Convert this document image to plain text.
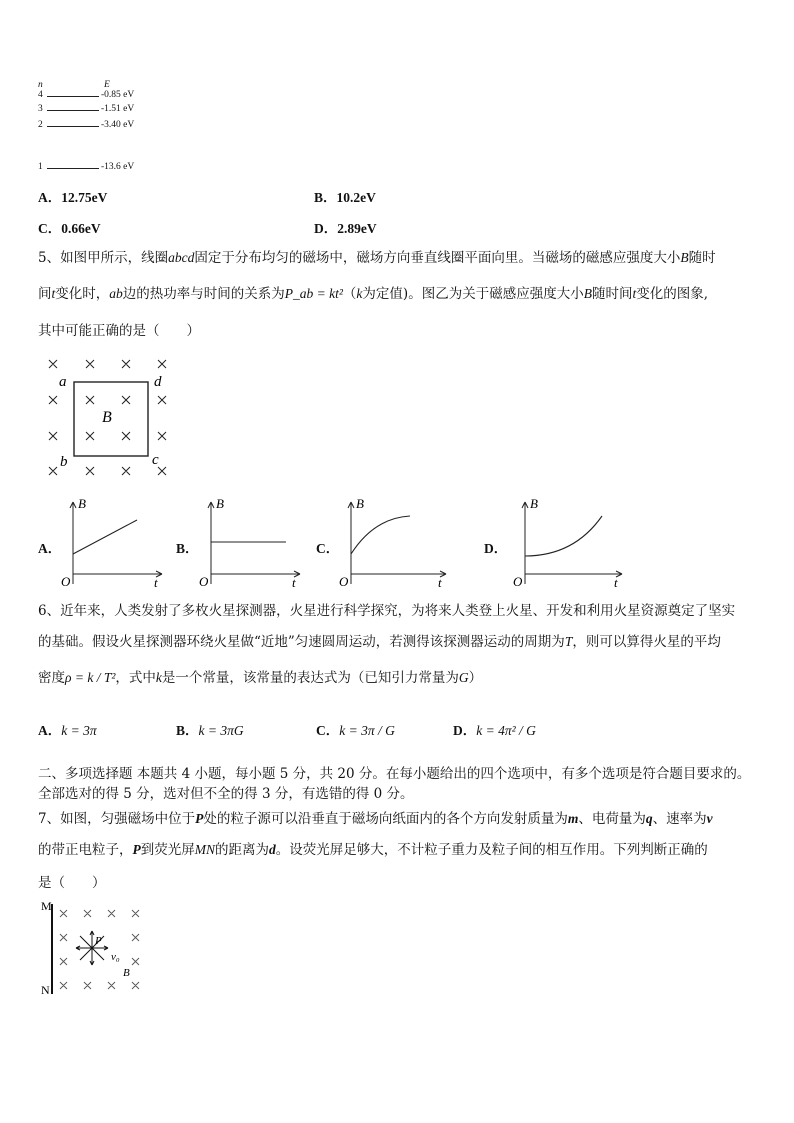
n	E
4	-0.85 eV
3	-1.51 eV
2	-3.40 eV
1	-13.6 eV
A．12.75eV	B．10.2eV
C．0.66eV	D．2.89eV
5、如图甲所示，线圈abcd固定于分布均匀的磁场中，磁场方向垂直线圈平面向里。当磁场的磁感应强度大小B随时
间t变化时，ab边的热功率与时间的关系为P_ab = kt²（k为定值)。图乙为关于磁感应强度大小B随时间t变化的图象,
其中可能正确的是（　　）
a	d
b	c
B
A．
B
t
O
B．
B
t
O
C．
B
t
O
D．
B
t
O
6、近年来，人类发射了多枚火星探测器，火星进行科学探究，为将来人类登上火星、开发和利用火星资源奠定了坚实
的基础。假设火星探测器环绕火星做“近地”匀速圆周运动，若测得该探测器运动的周期为T，则可以算得火星的平均
密度ρ = k / T²，式中k是一个常量，该常量的表达式为（已知引力常量为G）
A．k = 3π	B．k = 3πG	C．k = 3π / G	D．k = 4π² / G
二、多项选择题 本题共 4 小题，每小题 5 分，共 20 分。在每小题给出的四个选项中，有多个选项是符合题目要求的。
全部选对的得 5 分，选对但不全的得 3 分，有选错的得 0 分。
7、如图，匀强磁场中位于P处的粒子源可以沿垂直于磁场向纸面内的各个方向发射质量为m、电荷量为q、速率为v
的带正电粒子，P到荧光屏MN的距离为d。设荧光屏足够大，不计粒子重力及粒子间的相互作用。下列判断正确的
是（　　）
M
N
P
v₀
B
